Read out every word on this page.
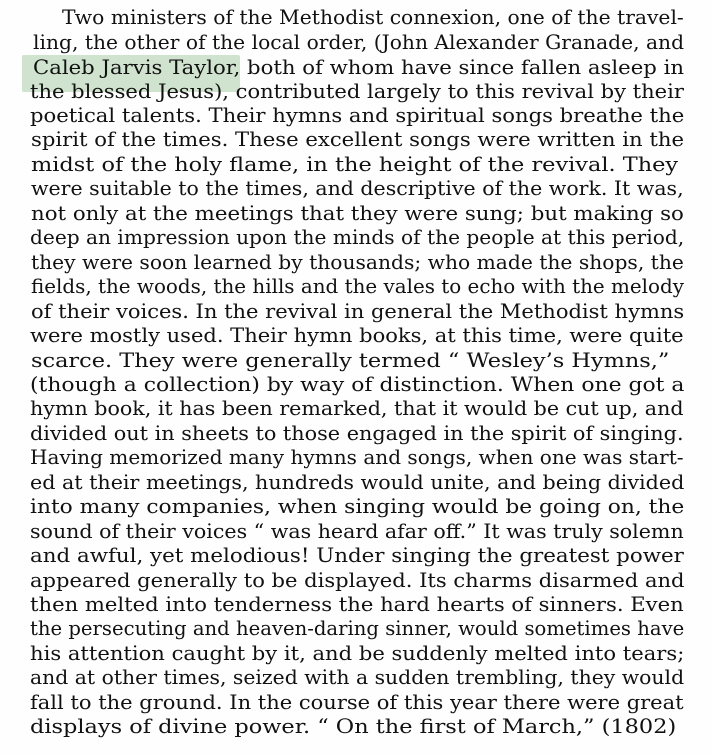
Two ministers of the Methodist connexion, one of the travel-
ling, the other of the local order, (John Alexander Granade, and
Caleb Jarvis Taylor, both of whom have since fallen asleep in
the blessed Jesus), contributed largely to this revival by their
poetical talents. Their hymns and spiritual songs breathe the
spirit of the times. These excellent songs were written in the
midst of the holy flame, in the height of the revival. They
were suitable to the times, and descriptive of the work. It was,
not only at the meetings that they were sung; but making so
deep an impression upon the minds of the people at this period,
they were soon learned by thousands; who made the shops, the
fields, the woods, the hills and the vales to echo with the melody
of their voices. In the revival in general the Methodist hymns
were mostly used. Their hymn books, at this time, were quite
scarce. They were generally termed “ Wesley’s Hymns,”
(though a collection) by way of distinction. When one got a
hymn book, it has been remarked, that it would be cut up, and
divided out in sheets to those engaged in the spirit of singing.
Having memorized many hymns and songs, when one was start-
ed at their meetings, hundreds would unite, and being divided
into many companies, when singing would be going on, the
sound of their voices “ was heard afar off.” It was truly solemn
and awful, yet melodious! Under singing the greatest power
appeared generally to be displayed. Its charms disarmed and
then melted into tenderness the hard hearts of sinners. Even
the persecuting and heaven-daring sinner, would sometimes have
his attention caught by it, and be suddenly melted into tears;
and at other times, seized with a sudden trembling, they would
fall to the ground. In the course of this year there were great
displays of divine power. “ On the first of March,” (1802)
